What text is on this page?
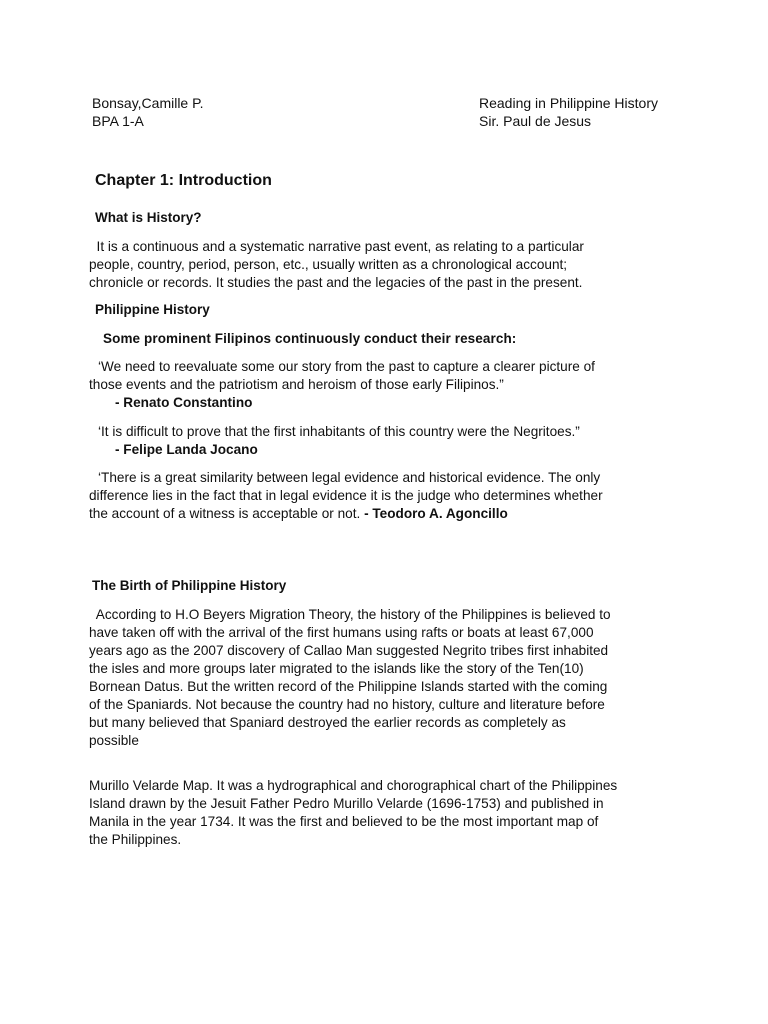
Bonsay,Camille P.
BPA 1-A
Reading in Philippine History
Sir. Paul de Jesus
Chapter 1: Introduction
What is History?
It is a continuous and a systematic narrative past event, as relating to a particular
people, country, period, person, etc., usually written as a chronological account;
chronicle or records. It studies the past and the legacies of the past in the present.
Philippine History
Some prominent Filipinos continuously conduct their research:
‘We need to reevaluate some our story from the past to capture a clearer picture of
those events and the patriotism and heroism of those early Filipinos.”
- Renato Constantino
‘It is difficult to prove that the first inhabitants of this country were the Negritoes.”
- Felipe Landa Jocano
‘There is a great similarity between legal evidence and historical evidence. The only
difference lies in the fact that in legal evidence it is the judge who determines whether
the account of a witness is acceptable or not. - Teodoro A. Agoncillo
The Birth of Philippine History
According to H.O Beyers Migration Theory, the history of the Philippines is believed to
have taken off with the arrival of the first humans using rafts or boats at least 67,000
years ago as the 2007 discovery of Callao Man suggested Negrito tribes first inhabited
the isles and more groups later migrated to the islands like the story of the Ten(10)
Bornean Datus. But the written record of the Philippine Islands started with the coming
of the Spaniards. Not because the country had no history, culture and literature before
but many believed that Spaniard destroyed the earlier records as completely as
possible
Murillo Velarde Map. It was a hydrographical and chorographical chart of the Philippines
Island drawn by the Jesuit Father Pedro Murillo Velarde (1696-1753) and published in
Manila in the year 1734. It was the first and believed to be the most important map of
the Philippines.
